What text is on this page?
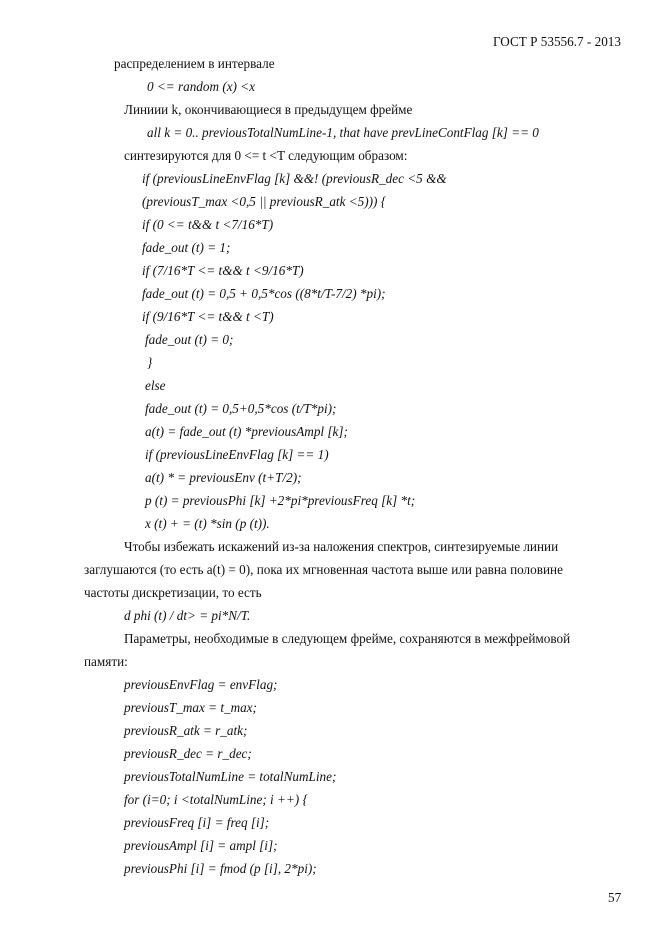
ГОСТ Р 53556.7 - 2013
распределением в интервале
0 <= random (x) <x
Линиии k, окончивающиеся в предыдущем фрейме
all k = 0.. previousTotalNumLine-1, that have prevLineContFlag [k] == 0
синтезируются для 0 <= t <T следующим образом:
if (previousLineEnvFlag [k] &&! (previousR_dec <5 &&
(previousT_max <0,5 || previousR_atk <5))) {
if (0 <= t&& t <7/16*T)
fade_out (t) = 1;
if (7/16*T <= t&& t <9/16*T)
fade_out (t) = 0,5 + 0,5*cos ((8*t/T-7/2) *pi);
if (9/16*T <= t&& t <T)
fade_out (t) = 0;
}
else
fade_out (t) = 0,5+0,5*cos (t/T*pi);
a(t) = fade_out (t) *previousAmpl [k];
if (previousLineEnvFlag [k] == 1)
a(t) * = previousEnv (t+T/2);
p (t) = previousPhi [k] +2*pi*previousFreq [k] *t;
x (t) + = (t) *sin (p (t)).
Чтобы избежать искажений из-за наложения спектров, синтезируемые линии
заглушаются (то есть a(t) = 0), пока их мгновенная частота выше или равна половине
частоты дискретизации, то есть
d phi (t) / dt> = pi*N/T.
Параметры, необходимые в следующем фрейме, сохраняются в межфреймовой
памяти:
previousEnvFlag = envFlag;
previousT_max = t_max;
previousR_atk = r_atk;
previousR_dec = r_dec;
previousTotalNumLine = totalNumLine;
for (i=0; i <totalNumLine; i ++) {
previousFreq [i] = freq [i];
previousAmpl [i] = ampl [i];
previousPhi [i] = fmod (p [i], 2*pi);
57
